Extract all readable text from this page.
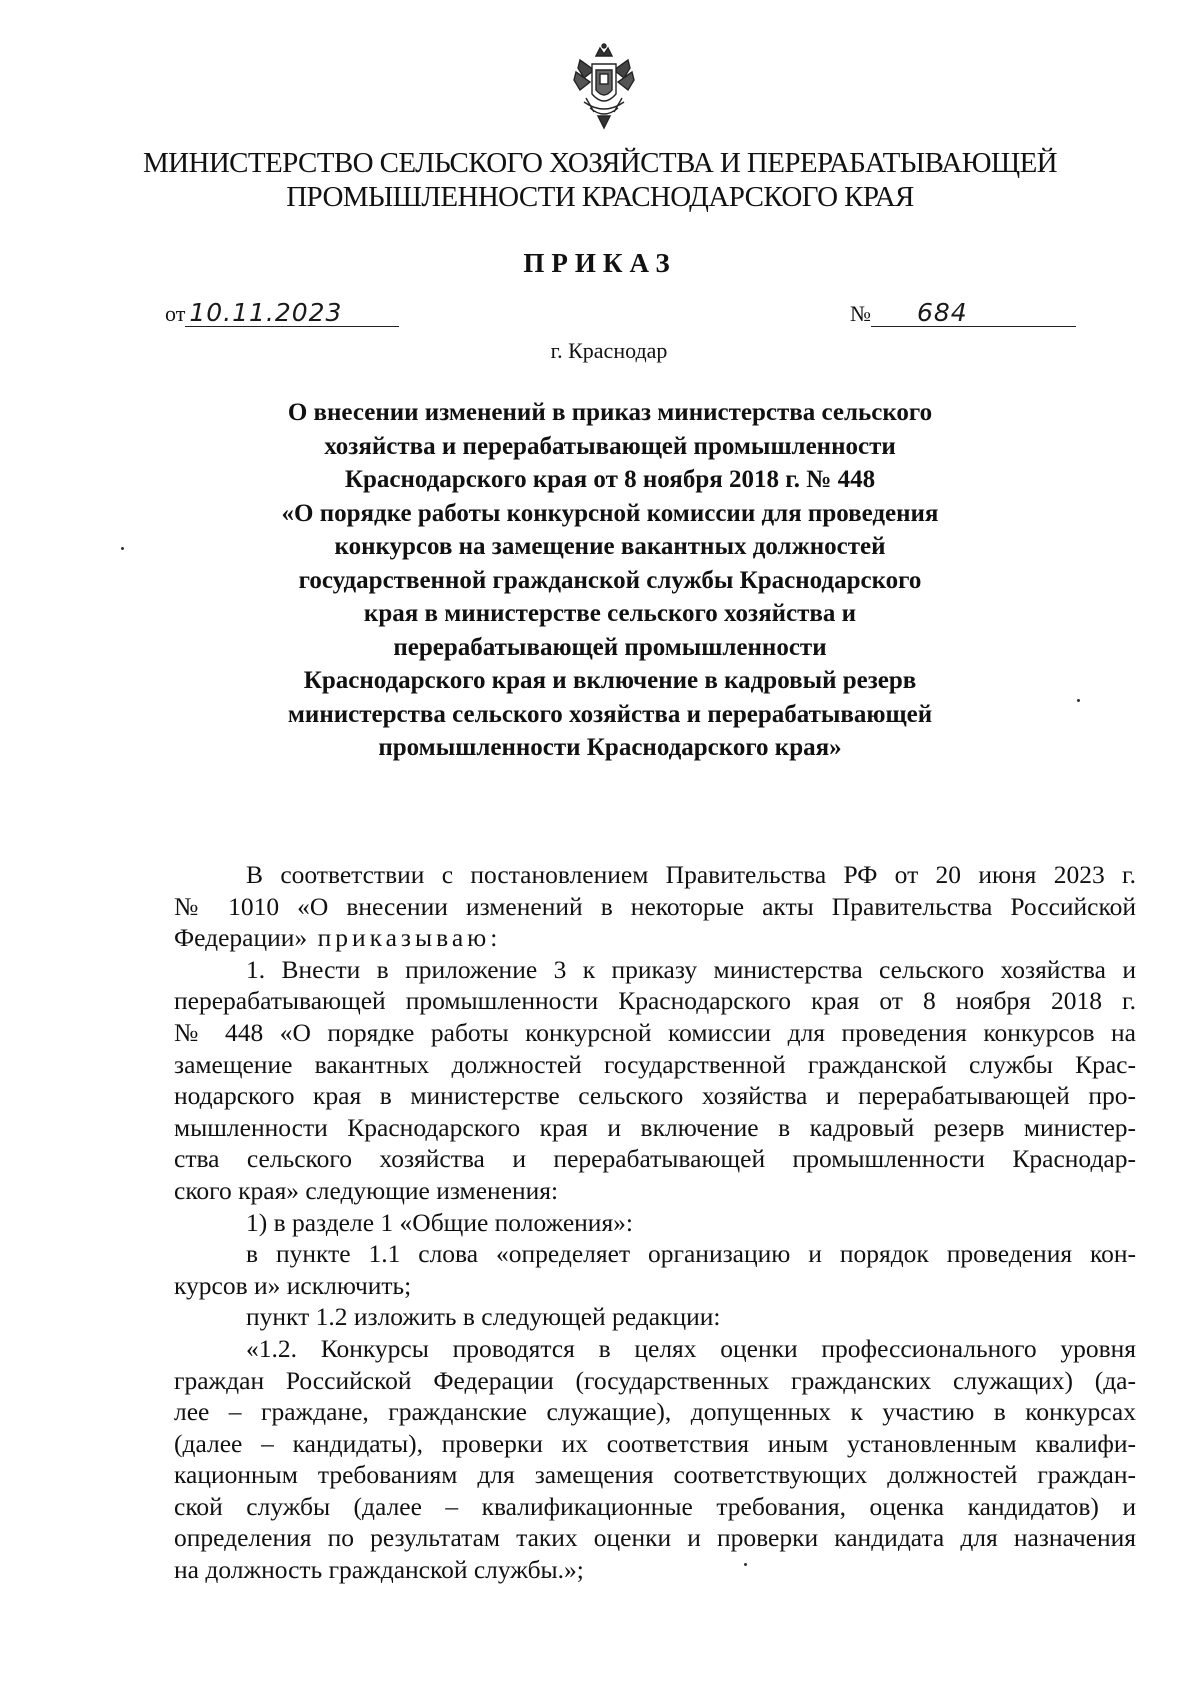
МИНИСТЕРСТВО СЕЛЬСКОГО ХОЗЯЙСТВА И ПЕРЕРАБАТЫВАЮЩЕЙ
ПРОМЫШЛЕННОСТИ КРАСНОДАРСКОГО КРАЯ
ПРИКАЗ
от 10.11.2023	№ 684
г. Краснодар
О внесении изменений в приказ министерства сельского
хозяйства и перерабатывающей промышленности
Краснодарского края от 8 ноября 2018 г. № 448
«О порядке работы конкурсной комиссии для проведения
конкурсов на замещение вакантных должностей
государственной гражданской службы Краснодарского
края в министерстве сельского хозяйства и
перерабатывающей промышленности
Краснодарского края и включение в кадровый резерв
министерства сельского хозяйства и перерабатывающей
промышленности Краснодарского края»
В соответствии с постановлением Правительства РФ от 20 июня 2023 г.
№ 1010 «О внесении изменений в некоторые акты Правительства Российской
Федерации» приказываю:
1. Внести в приложение 3 к приказу министерства сельского хозяйства и
перерабатывающей промышленности Краснодарского края от 8 ноября 2018 г.
№ 448 «О порядке работы конкурсной комиссии для проведения конкурсов на
замещение вакантных должностей государственной гражданской службы Крас-
нодарского края в министерстве сельского хозяйства и перерабатывающей про-
мышленности Краснодарского края и включение в кадровый резерв министер-
ства сельского хозяйства и перерабатывающей промышленности Краснодар-
ского края» следующие изменения:
1) в разделе 1 «Общие положения»:
в пункте 1.1 слова «определяет организацию и порядок проведения кон-
курсов и» исключить;
пункт 1.2 изложить в следующей редакции:
«1.2. Конкурсы проводятся в целях оценки профессионального уровня
граждан Российской Федерации (государственных гражданских служащих) (да-
лее – граждане, гражданские служащие), допущенных к участию в конкурсах
(далее – кандидаты), проверки их соответствия иным установленным квалифи-
кационным требованиям для замещения соответствующих должностей граждан-
ской службы (далее – квалификационные требования, оценка кандидатов) и
определения по результатам таких оценки и проверки кандидата для назначения
на должность гражданской службы.»;
